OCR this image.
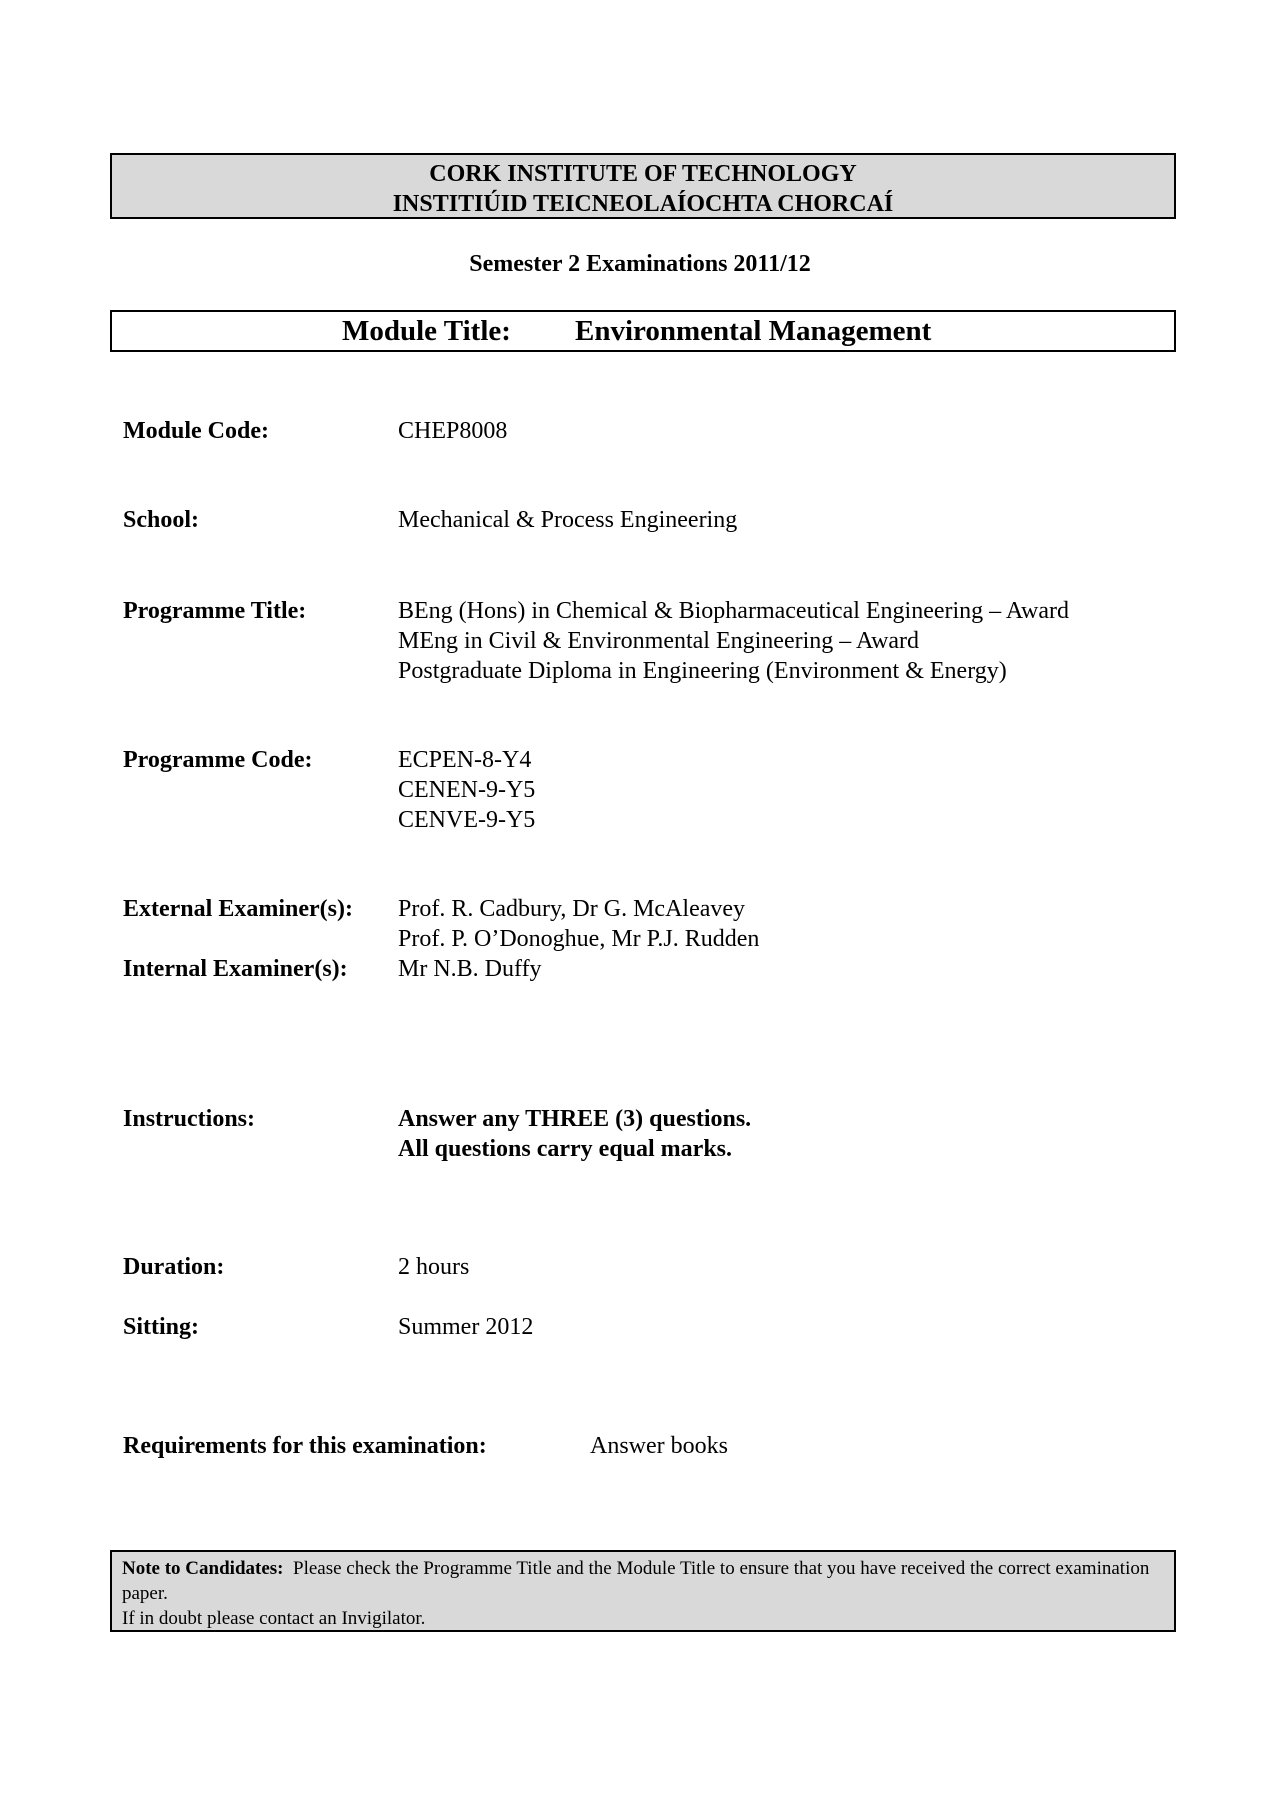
CORK INSTITUTE OF TECHNOLOGY
INSTITIÚID TEICNEOLAÍOCHTA CHORCAÍ
Semester 2 Examinations 2011/12
Module Title: Environmental Management
Module Code:	CHEP8008
School:	Mechanical & Process Engineering
Programme Title:	BEng (Hons) in Chemical & Biopharmaceutical Engineering – Award
MEng in Civil & Environmental Engineering – Award
Postgraduate Diploma in Engineering (Environment & Energy)
Programme Code:	ECPEN-8-Y4
CENEN-9-Y5
CENVE-9-Y5
External Examiner(s): Prof. R. Cadbury, Dr G. McAleavey
Prof. P. O’Donoghue, Mr P.J. Rudden
Internal Examiner(s): Mr N.B. Duffy
Instructions:	Answer any THREE (3) questions.
All questions carry equal marks.
Duration:	2 hours
Sitting:	Summer 2012
Requirements for this examination:	Answer books
Note to Candidates: Please check the Programme Title and the Module Title to ensure that you have received the correct examination paper.
If in doubt please contact an Invigilator.
